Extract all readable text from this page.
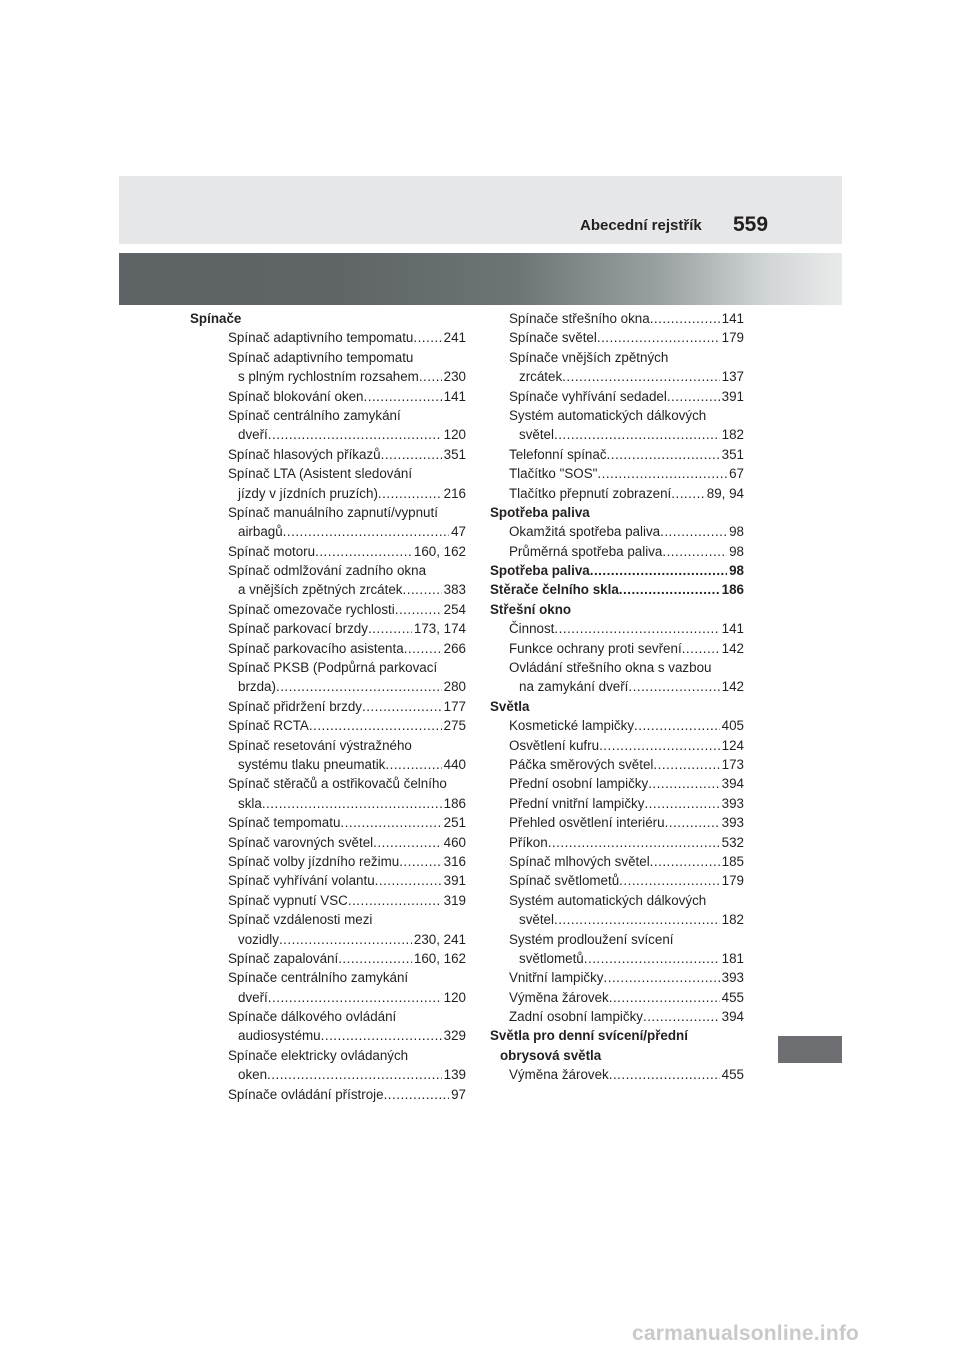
Abecední rejstřík 559
Spínače
Spínač adaptivního tempomatu ..... 241
Spínač adaptivního tempomatu
s plným rychlostním rozsahem ..... 230
Spínač blokování oken .....	141
Spínač centrálního zamykání
dveří .....	120
Spínač hlasových příkazů .....	351
Spínač LTA (Asistent sledování
jízdy v jízdních pruzích) .....	216
Spínač manuálního zapnutí/vypnutí
airbagů .....	47
Spínač motoru .....	160, 162
Spínač odmlžování zadního okna
a vnějších zpětných zrcátek .....	383
Spínač omezovače rychlosti .....	254
Spínač parkovací brzdy .....	173, 174
Spínač parkovacího asistenta .....	266
Spínač PKSB (Podpůrná parkovací
brzda) .....	280
Spínač přidržení brzdy .....	177
Spínač RCTA .....	275
Spínač resetování výstražného
systému tlaku pneumatik .....	440
Spínač stěračů a ostřikovačů čelního
skla .....	186
Spínač tempomatu .....	251
Spínač varovných světel .....	460
Spínač volby jízdního režimu .....	316
Spínač vyhřívání volantu .....	391
Spínač vypnutí VSC .....	319
Spínač vzdálenosti mezi
vozidly .....	230, 241
Spínač zapalování .....	160, 162
Spínače centrálního zamykání
dveří .....	120
Spínače dálkového ovládání
audiosystému .....	329
Spínače elektricky ovládaných
oken .....	139
Spínače ovládání přístroje .....	97
Spínače střešního okna .....	141
Spínače světel .....	179
Spínače vnějších zpětných
zrcátek .....	137
Spínače vyhřívání sedadel .....	391
Systém automatických dálkových
světel .....	182
Telefonní spínač .....	351
Tlačítko "SOS" .....	67
Tlačítko přepnutí zobrazení .....	89, 94
Spotřeba paliva
Okamžitá spotřeba paliva .....	98
Průměrná spotřeba paliva .....	98
Spotřeba paliva .....	98
Stěrače čelního skla .....	186
Střešní okno
Činnost .....	141
Funkce ochrany proti sevření .....	142
Ovládání střešního okna s vazbou
na zamykání dveří .....	142
Světla
Kosmetické lampičky .....	405
Osvětlení kufru .....	124
Páčka směrových světel .....	173
Přední osobní lampičky .....	394
Přední vnitřní lampičky .....	393
Přehled osvětlení interiéru .....	393
Příkon .....	532
Spínač mlhových světel .....	185
Spínač světlometů .....	179
Systém automatických dálkových
světel .....	182
Systém prodloužení svícení
světlometů .....	181
Vnitřní lampičky .....	393
Výměna žárovek .....	455
Zadní osobní lampičky .....	394
Světla pro denní svícení/přední
obrysová světla
Výměna žárovek .....	455
carmanualsonline.info
